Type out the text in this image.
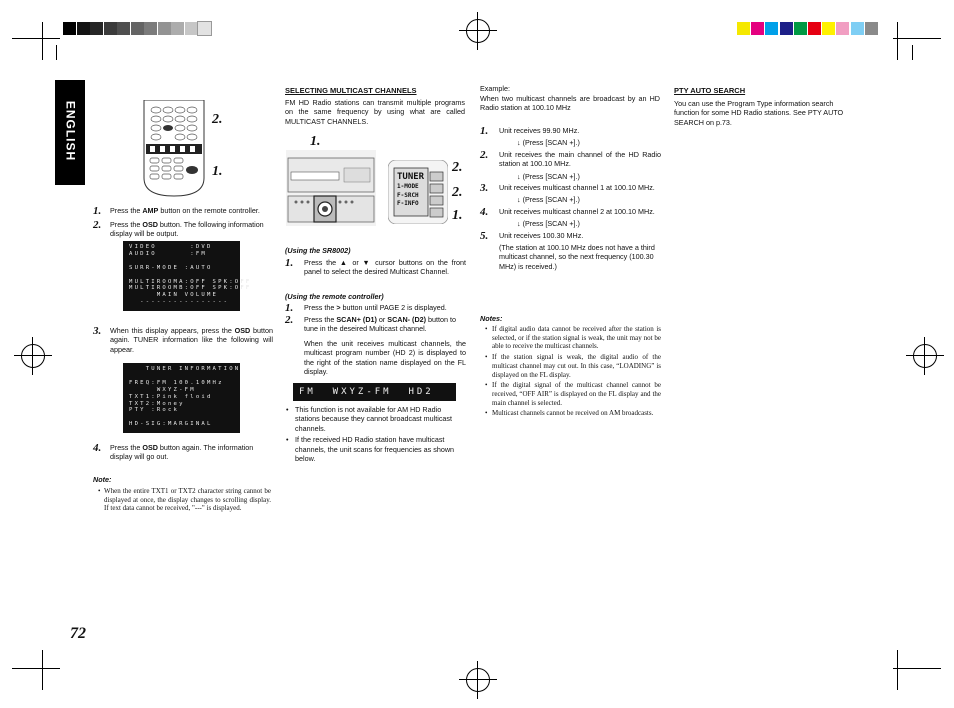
ENGLISH
72
2.
1.
1. Press the AMP button on the remote controller.
2. Press the OSD button. The following information display will be output.
VIDEO      :DVD
AUDIO      :FM

SURR-MODE :AUTO

MULTIROOMA:OFF SPK:OFF
MULTIROOMB:OFF SPK:OFF
MAIN VOLUME
----------------
3. When this display appears, press the OSD button again. TUNER information like the following will appear.
TUNER INFORMATION

FREQ:FM 100.10MHz
WXYZ-FM
TXT1:Pink floid
TXT2:Money
PTY :Rock

HD-SIG:MARGINAL
4. Press the OSD button again. The information display will go out.
Note:
• When the entire TXT1 or TXT2 character string cannot be displayed at once, the display changes to scrolling display. If text data cannot be received, "---" is displayed.
SELECTING MULTICAST CHANNELS
FM HD Radio stations can transmit multiple programs on the same frequency by using what are called MULTICAST CHANNELS.
1.
TUNER
1-MODE
F-SRCH
F-INFO
2.
2.
1.
(Using the SR8002)
1. Press the ▲ or ▼ cursor buttons on the front panel to select the desired Multicast Channel.
(Using the remote controller)
1. Press the > button until PAGE 2 is displayed.
2. Press the SCAN+ (D1) or SCAN- (D2) button to tune in the deseired Multicast channel.
When the unit receives multicast channels, the multicast program number (HD 2) is displayed to the right of the station name displayed on the FL display.
FM  WXYZ-FM  HD2
• This function is not available for AM HD Radio stations because they cannot broadcast multicast channels.
• If the received HD Radio station have multicast channels, the unit scans for frequencies as shown below.
Example:
When two multicast channels are broadcast by an HD Radio station at 100.10 MHz
1. Unit receives 99.90 MHz.
↓ (Press [SCAN +].)
2. Unit receives the main channel of the HD Radio station at 100.10 MHz.
↓ (Press [SCAN +].)
3. Unit receives multicast channel 1 at 100.10 MHz.
↓ (Press [SCAN +].)
4. Unit receives multicast channel 2 at 100.10 MHz.
↓ (Press [SCAN +].)
5. Unit receives 100.30 MHz.
(The station at 100.10 MHz does not have a third multicast channel, so the next frequency (100.30 MHz) is received.)
Notes:
• If digital audio data cannot be received after the station is selected, or if the station signal is weak, the unit may not be able to receive the multicast channels.
• If the station signal is weak, the digital audio of the multicast channel may cut out. In this case, “LOADING” is displayed on the FL display.
• If the digital signal of the multicast channel cannot be received, “OFF AIR” is displayed on the FL display and the main channel is selected.
• Multicast channels cannot be received on AM broadcasts.
PTY AUTO SEARCH
You can use the Program Type information search function for some HD Radio stations. See PTY AUTO SEARCH on p.73.
